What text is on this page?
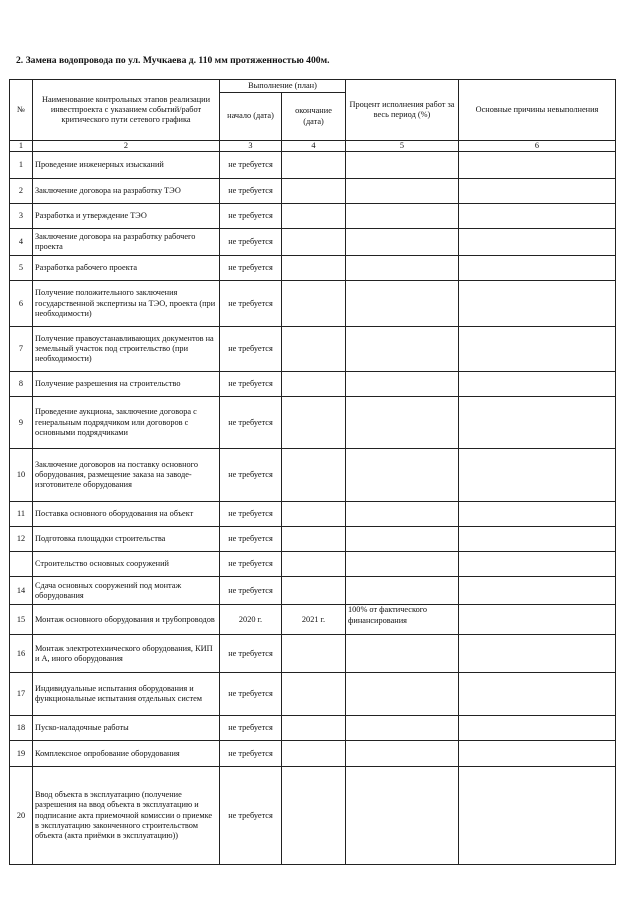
2. Замена водопровода по ул. Мучкаева д. 110 мм протяженностью 400м.
№	Наименование контрольных этапов реализации инвестпроекта с указанием событий/работ критического пути сетевого графика	Выполнение (план)		Процент исполнения работ за весь период (%)	Основные причины невыполнения
		начало (дата)	окончание (дата)		
1	2	3	4	5	6
1	Проведение инженерных изысканий	не требуется			
2	Заключение договора на разработку ТЭО	не требуется			
3	Разработка и утверждение ТЭО	не требуется			
4	Заключение договора на разработку рабочего проекта	не требуется			
5	Разработка рабочего проекта	не требуется			
6	Получение положительного заключения государственной экспертизы на ТЭО, проекта (при необходимости)	не требуется			
7	Получение правоустанавливающих документов на земельный участок под строительство (при необходимости)	не требуется			
8	Получение разрешения на строительство	не требуется			
9	Проведение аукциона, заключение договора с генеральным подрядчиком или договоров с основными подрядчиками	не требуется			
10	Заключение договоров на поставку основного оборудования, размещение заказа на заводе-изготовителе оборудования	не требуется			
11	Поставка основного оборудования на объект	не требуется			
12	Подготовка площадки строительства	не требуется			
	Строительство основных сооружений	не требуется			
14	Сдача основных сооружений под монтаж оборудования	не требуется			
15	Монтаж основного оборудования и трубопроводов	2020 г.	2021 г.	100% от фактического финансирования	
16	Монтаж электротехнического оборудования, КИП и А, иного оборудования	не требуется			
17	Индивидуальные испытания оборудования и функциональные испытания отдельных систем	не требуется			
18	Пуско-наладочные работы	не требуется			
19	Комплексное опробование оборудования	не требуется			
20	Ввод объекта в эксплуатацию (получение разрешения на ввод объекта в эксплуатацию и подписание акта приемочной комиссии о приемке в эксплуатацию законченного строительством объекта (акта приёмки в эксплуатацию))	не требуется			
